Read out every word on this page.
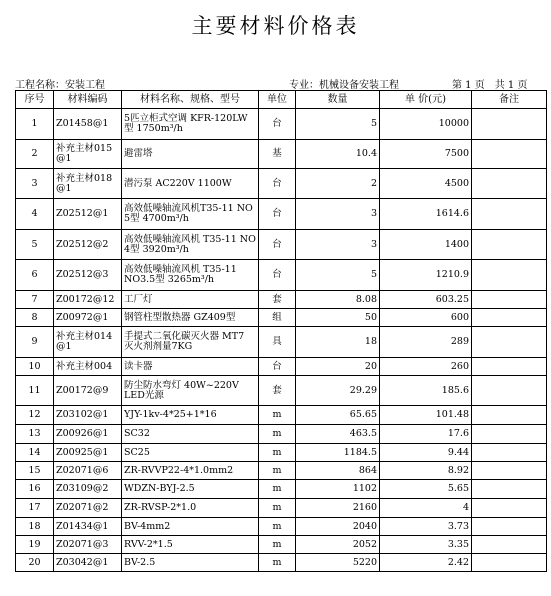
主要材料价格表
工程名称：安装工程	专业：机械设备安装工程	第 1 页　共 1 页
序号	材料编码	材料名称、规格、型号	单位	数量	单 价(元)	备注
1	Z01458@1	5匹立柜式空调 KFR-120LW型 1750m³/h	台	5	10000	
2	补充主材015@1	避雷塔	基	10.4	7500	
3	补充主材018@1	潜污泵 AC220V 1100W	台	2	4500	
4	Z02512@1	高效低噪轴流风机T35-11 NO 5型 4700m³/h	台	3	1614.6	
5	Z02512@2	高效低噪轴流风机 T35-11 NO 4型 3920m³/h	台	3	1400	
6	Z02512@3	高效低噪轴流风机 T35-11 NO3.5型 3265m³/h	台	5	1210.9	
7	Z00172@12	工厂灯	套	8.08	603.25	
8	Z00972@1	钢管柱型散热器 GZ409型	组	50	600	
9	补充主材014@1	手提式二氧化碳灭火器 MT7 灭火剂剂量7KG	具	18	289	
10	补充主材004	读卡器	台	20	260	
11	Z00172@9	防尘防水弯灯 40W~220V LED光源	套	29.29	185.6	
12	Z03102@1	YJY-1kv-4*25+1*16	m	65.65	101.48	
13	Z00926@1	SC32	m	463.5	17.6	
14	Z00925@1	SC25	m	1184.5	9.44	
15	Z02071@6	ZR-RVVP22-4*1.0mm2	m	864	8.92	
16	Z03109@2	WDZN-BYJ-2.5	m	1102	5.65	
17	Z02071@2	ZR-RVSP-2*1.0	m	2160	4	
18	Z01434@1	BV-4mm2	m	2040	3.73	
19	Z02071@3	RVV-2*1.5	m	2052	3.35	
20	Z03042@1	BV-2.5	m	5220	2.42	
